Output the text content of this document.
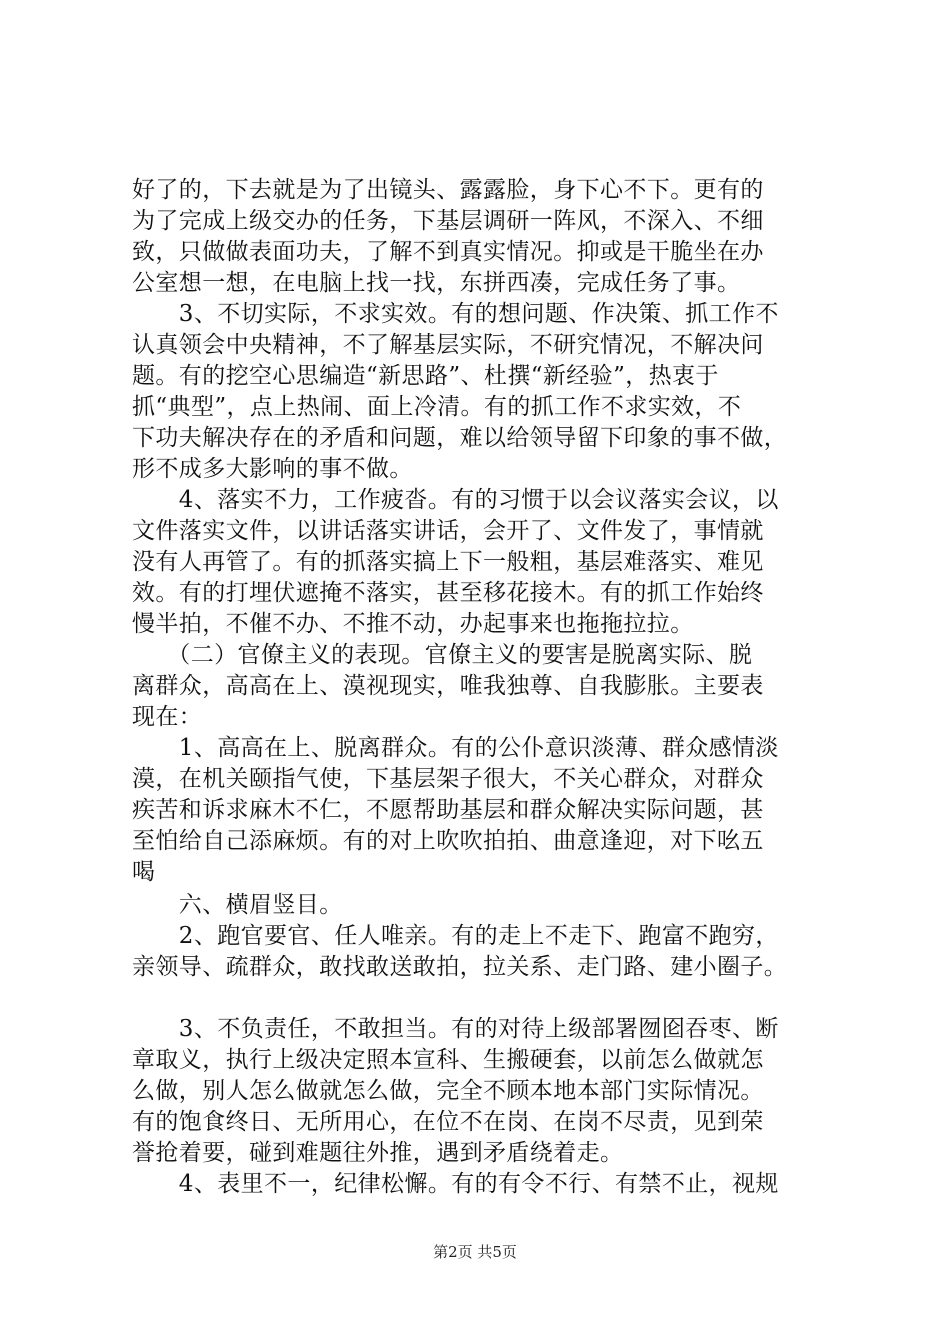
好了的，下去就是为了出镜头、露露脸，身下心不下。更有的
为了完成上级交办的任务，下基层调研一阵风，不深入、不细
致，只做做表面功夫，了解不到真实情况。抑或是干脆坐在办
公室想一想，在电脑上找一找，东拼西凑，完成任务了事。
　　3、不切实际，不求实效。有的想问题、作决策、抓工作不
认真领会中央精神，不了解基层实际，不研究情况，不解决问
题。有的挖空心思编造“新思路”、杜撰“新经验”，热衷于
抓“典型”，点上热闹、面上冷清。有的抓工作不求实效，不
下功夫解决存在的矛盾和问题，难以给领导留下印象的事不做，
形不成多大影响的事不做。
　　4、落实不力，工作疲沓。有的习惯于以会议落实会议，以
文件落实文件，以讲话落实讲话，会开了、文件发了，事情就
没有人再管了。有的抓落实搞上下一般粗，基层难落实、难见
效。有的打埋伏遮掩不落实，甚至移花接木。有的抓工作始终
慢半拍，不催不办、不推不动，办起事来也拖拖拉拉。
　　（二）官僚主义的表现。官僚主义的要害是脱离实际、脱
离群众，高高在上、漠视现实，唯我独尊、自我膨胀。主要表
现在：
　　1、高高在上、脱离群众。有的公仆意识淡薄、群众感情淡
漠，在机关颐指气使，下基层架子很大，不关心群众，对群众
疾苦和诉求麻木不仁，不愿帮助基层和群众解决实际问题，甚
至怕给自己添麻烦。有的对上吹吹拍拍、曲意逢迎，对下吆五
喝
　　六、横眉竖目。
　　2、跑官要官、任人唯亲。有的走上不走下、跑富不跑穷，
亲领导、疏群众，敢找敢送敢拍，拉关系、走门路、建小圈子。
　　3、不负责任，不敢担当。有的对待上级部署囫囵吞枣、断
章取义，执行上级决定照本宣科、生搬硬套，以前怎么做就怎
么做，别人怎么做就怎么做，完全不顾本地本部门实际情况。
有的饱食终日、无所用心，在位不在岗、在岗不尽责，见到荣
誉抢着要，碰到难题往外推，遇到矛盾绕着走。
　　4、表里不一，纪律松懈。有的有令不行、有禁不止，视规
第2页 共5页
